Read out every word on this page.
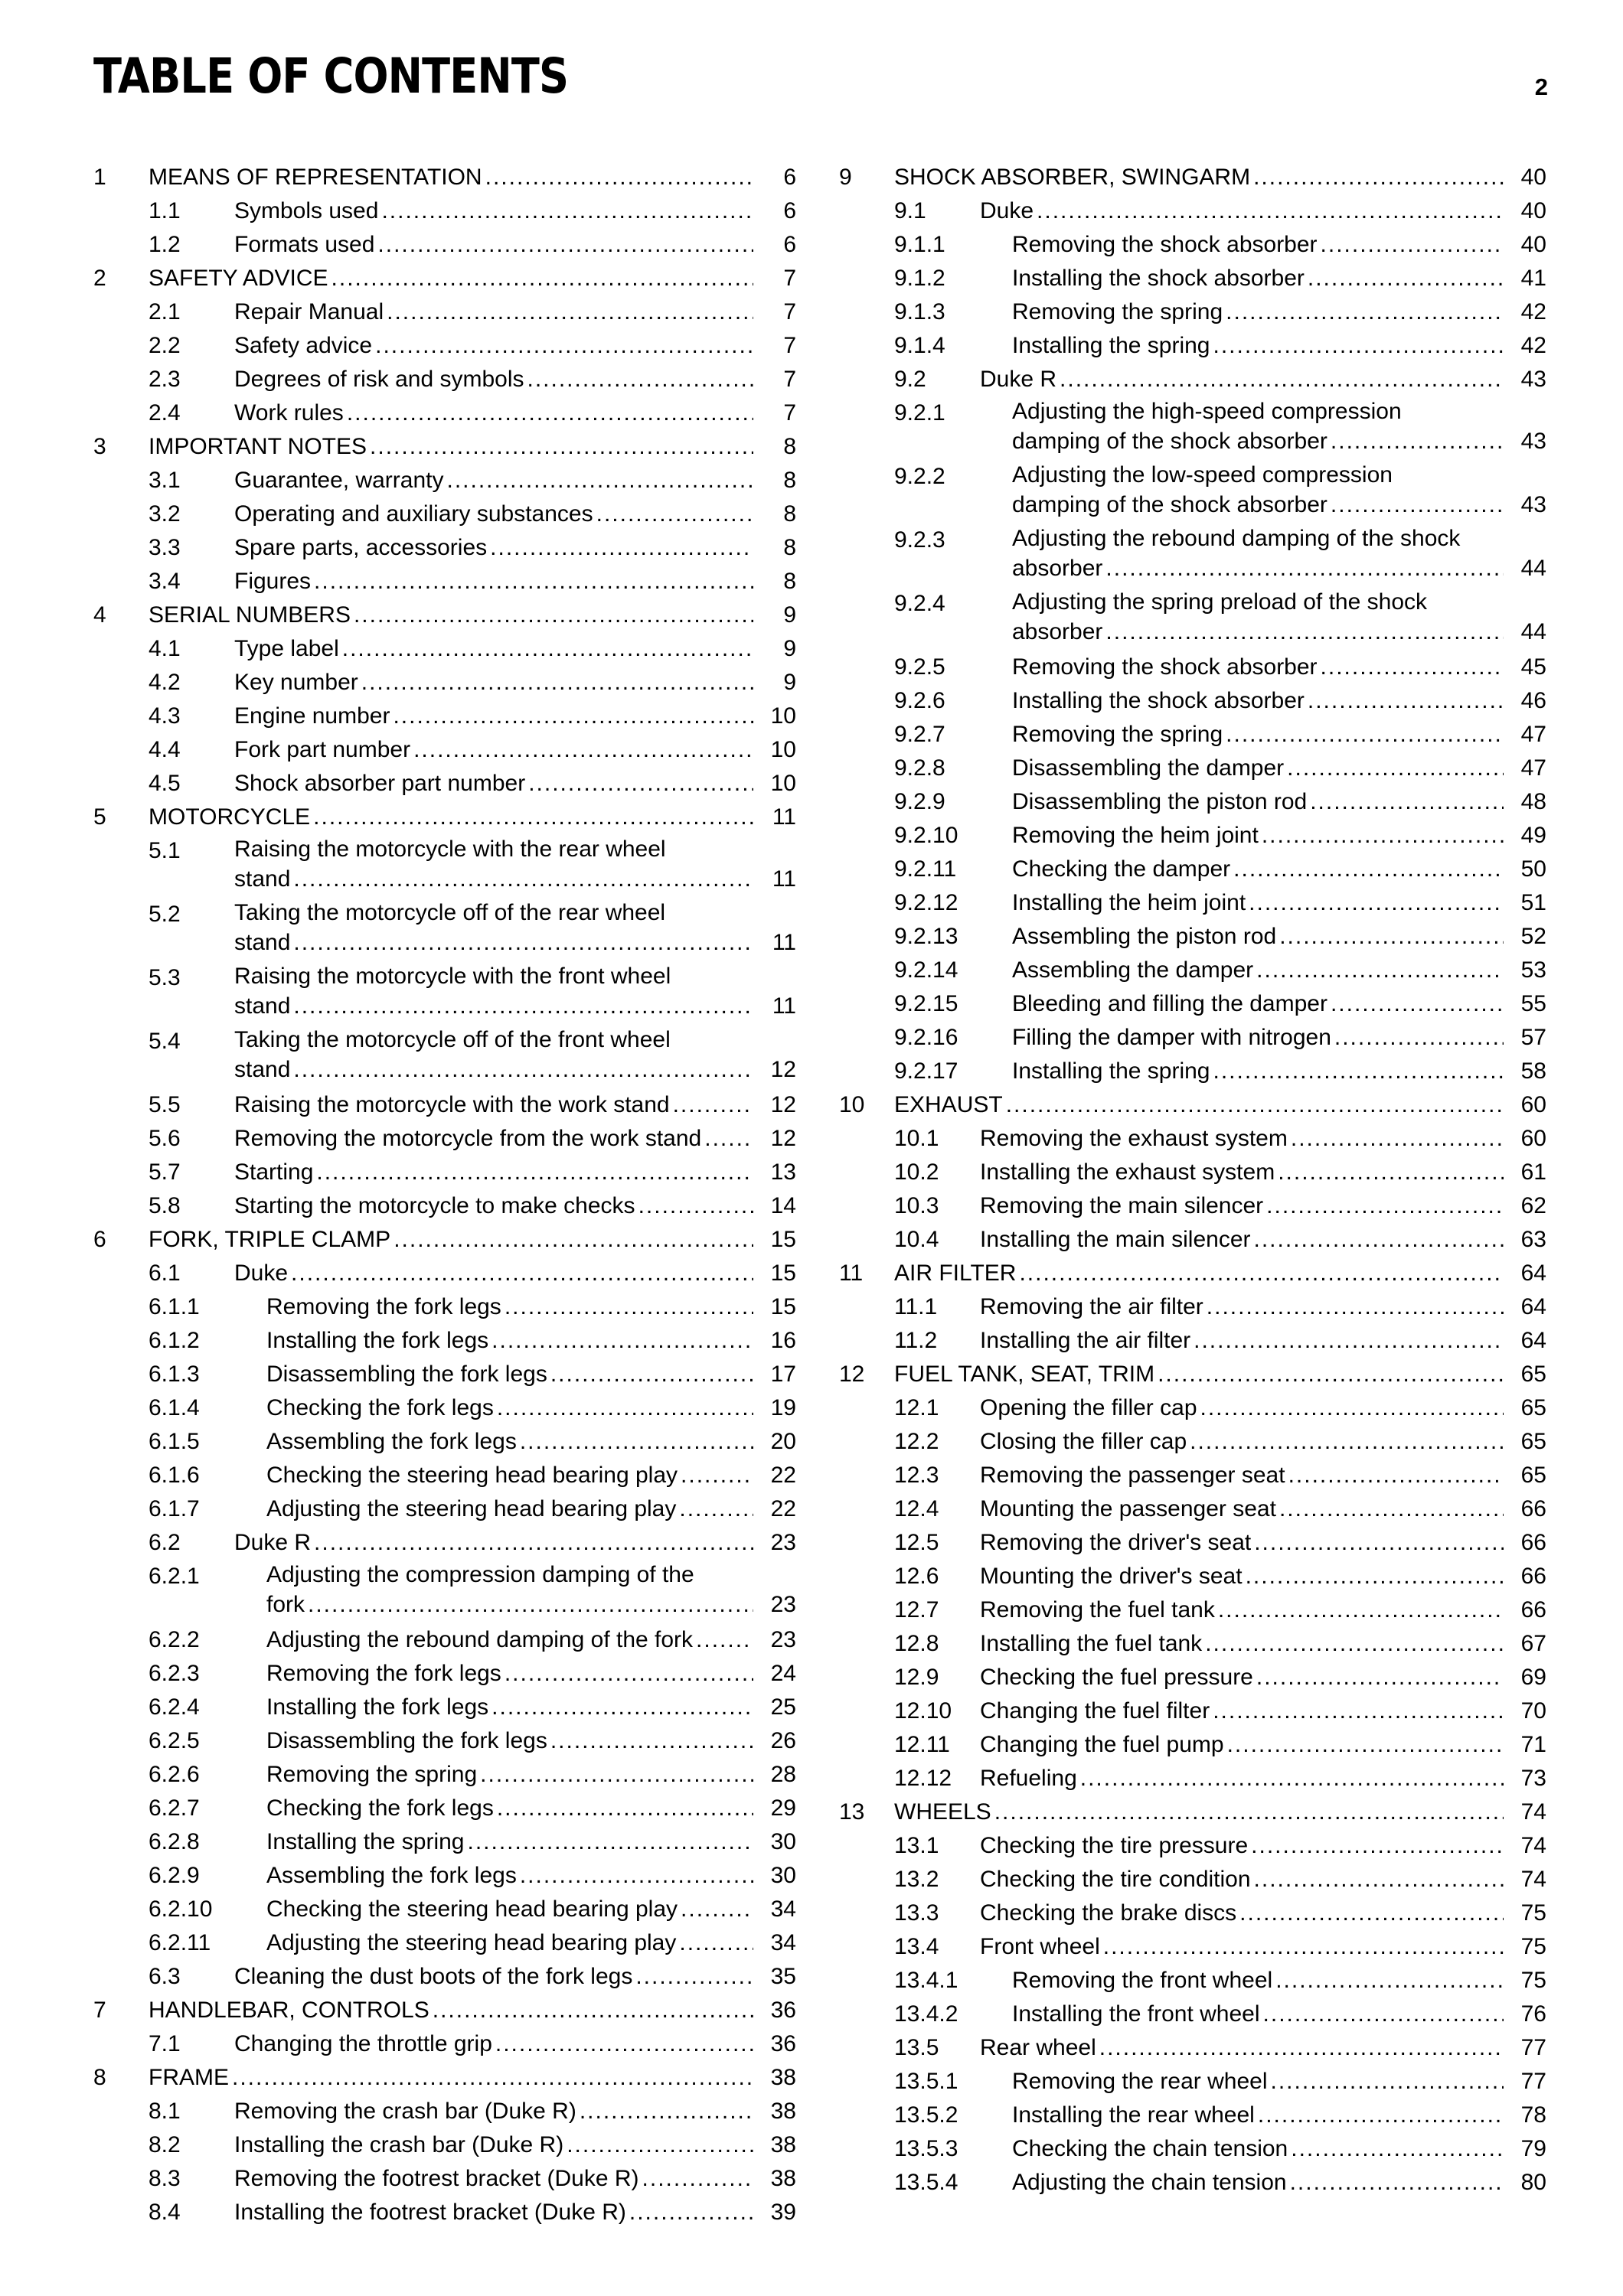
TABLE OF CONTENTS	2
1 MEANS OF REPRESENTATION .....	6
1.1 Symbols used .....	6
1.2 Formats used .....	6
2 SAFETY ADVICE .....	7
2.1 Repair Manual .....	7
2.2 Safety advice .....	7
2.3 Degrees of risk and symbols .....	7
2.4 Work rules .....	7
3 IMPORTANT NOTES .....	8
3.1 Guarantee, warranty .....	8
3.2 Operating and auxiliary substances .....	8
3.3 Spare parts, accessories .....	8
3.4 Figures .....	8
4 SERIAL NUMBERS .....	9
4.1 Type label .....	9
4.2 Key number .....	9
4.3 Engine number .....	10
4.4 Fork part number .....	10
4.5 Shock absorber part number .....	10
5 MOTORCYCLE .....	11
5.1 Raising the motorcycle with the rear wheel
stand .....	11
5.2 Taking the motorcycle off of the rear wheel
stand .....	11
5.3 Raising the motorcycle with the front wheel
stand .....	11
5.4 Taking the motorcycle off of the front wheel
stand .....	12
5.5 Raising the motorcycle with the work stand .....	12
5.6 Removing the motorcycle from the work stand .....	12
5.7 Starting .....	13
5.8 Starting the motorcycle to make checks .....	14
6 FORK, TRIPLE CLAMP .....	15
6.1 Duke .....	15
6.1.1	Removing the fork legs .....	15
6.1.2	Installing the fork legs .....	16
6.1.3	Disassembling the fork legs .....	17
6.1.4	Checking the fork legs .....	19
6.1.5	Assembling the fork legs .....	20
6.1.6	Checking the steering head bearing play .....	22
6.1.7	Adjusting the steering head bearing play .....	22
6.2 Duke R .....	23
6.2.1	Adjusting the compression damping of the
fork .....	23
6.2.2	Adjusting the rebound damping of the fork .....	23
6.2.3	Removing the fork legs .....	24
6.2.4	Installing the fork legs .....	25
6.2.5	Disassembling the fork legs .....	26
6.2.6	Removing the spring .....	28
6.2.7	Checking the fork legs .....	29
6.2.8	Installing the spring .....	30
6.2.9	Assembling the fork legs .....	30
6.2.10 Checking the steering head bearing play .....	34
6.2.11 Adjusting the steering head bearing play .....	34
6.3 Cleaning the dust boots of the fork legs .....	35
7 HANDLEBAR, CONTROLS .....	36
7.1 Changing the throttle grip .....	36
8 FRAME .....	38
8.1 Removing the crash bar (Duke R) .....	38
8.2 Installing the crash bar (Duke R) .....	38
8.3 Removing the footrest bracket (Duke R) .....	38
8.4 Installing the footrest bracket (Duke R) .....	39
9 SHOCK ABSORBER, SWINGARM .....	40
9.1 Duke .....	40
9.1.1	Removing the shock absorber .....	40
9.1.2	Installing the shock absorber .....	41
9.1.3	Removing the spring .....	42
9.1.4	Installing the spring .....	42
9.2 Duke R .....	43
9.2.1	Adjusting the high-speed compression
damping of the shock absorber .....	43
9.2.2	Adjusting the low-speed compression
damping of the shock absorber .....	43
9.2.3	Adjusting the rebound damping of the shock
absorber .....	44
9.2.4	Adjusting the spring preload of the shock
absorber .....	44
9.2.5	Removing the shock absorber .....	45
9.2.6	Installing the shock absorber .....	46
9.2.7	Removing the spring .....	47
9.2.8	Disassembling the damper .....	47
9.2.9	Disassembling the piston rod .....	48
9.2.10 Removing the heim joint .....	49
9.2.11 Checking the damper .....	50
9.2.12 Installing the heim joint .....	51
9.2.13 Assembling the piston rod .....	52
9.2.14 Assembling the damper .....	53
9.2.15 Bleeding and filling the damper .....	55
9.2.16 Filling the damper with nitrogen .....	57
9.2.17 Installing the spring .....	58
10 EXHAUST .....	60
10.1 Removing the exhaust system .....	60
10.2 Installing the exhaust system .....	61
10.3 Removing the main silencer .....	62
10.4 Installing the main silencer .....	63
11 AIR FILTER .....	64
11.1 Removing the air filter .....	64
11.2 Installing the air filter .....	64
12 FUEL TANK, SEAT, TRIM .....	65
12.1 Opening the filler cap .....	65
12.2 Closing the filler cap .....	65
12.3 Removing the passenger seat .....	65
12.4 Mounting the passenger seat .....	66
12.5 Removing the driver's seat .....	66
12.6 Mounting the driver's seat .....	66
12.7 Removing the fuel tank .....	66
12.8 Installing the fuel tank .....	67
12.9 Checking the fuel pressure .....	69
12.10 Changing the fuel filter .....	70
12.11 Changing the fuel pump .....	71
12.12 Refueling .....	73
13 WHEELS .....	74
13.1 Checking the tire pressure .....	74
13.2 Checking the tire condition .....	74
13.3 Checking the brake discs .....	75
13.4 Front wheel .....	75
13.4.1 Removing the front wheel .....	75
13.4.2 Installing the front wheel .....	76
13.5 Rear wheel .....	77
13.5.1 Removing the rear wheel .....	77
13.5.2 Installing the rear wheel .....	78
13.5.3 Checking the chain tension .....	79
13.5.4 Adjusting the chain tension .....	80
